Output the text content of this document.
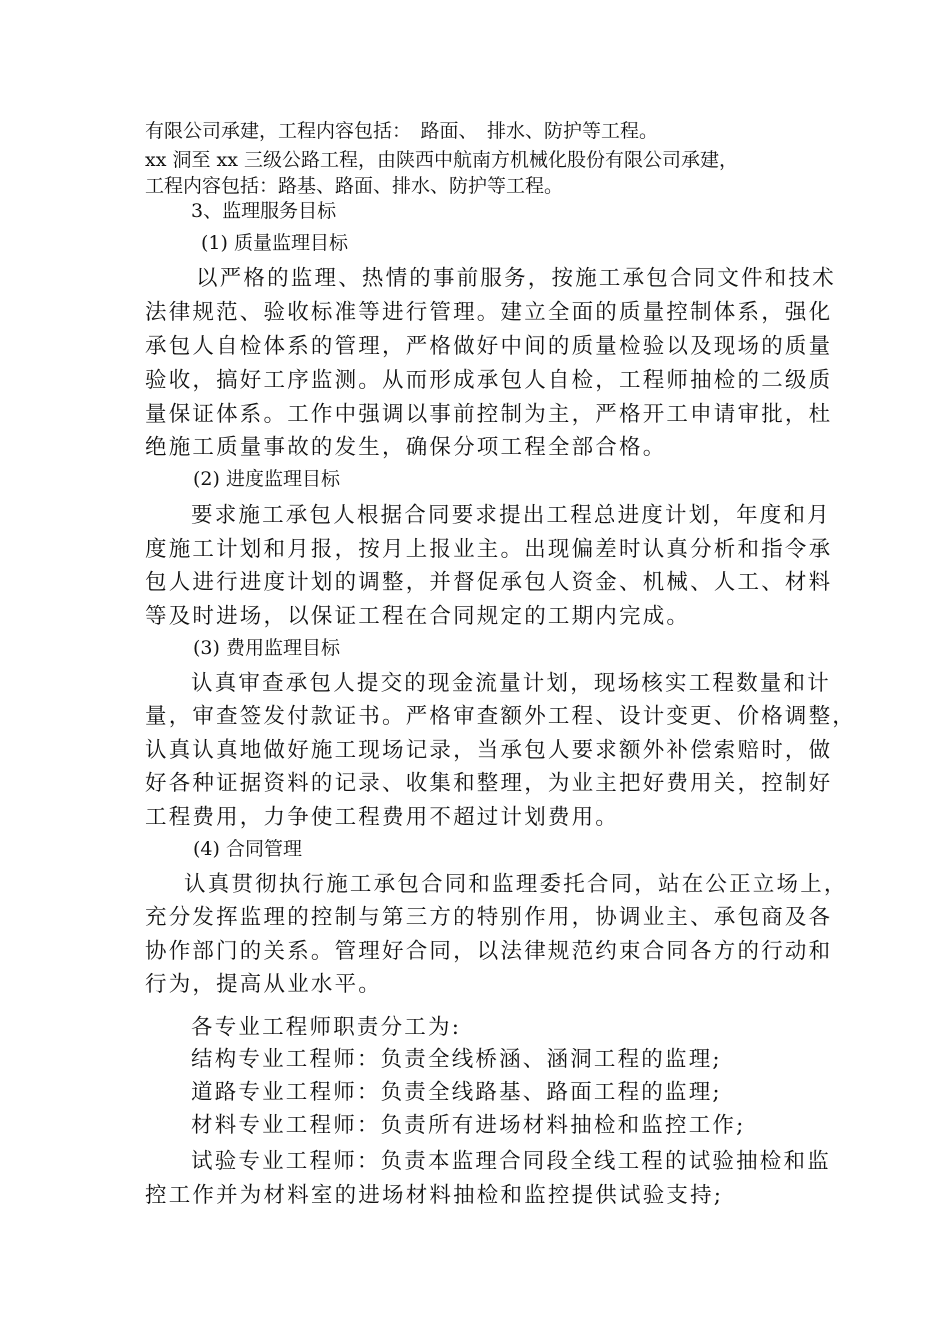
有限公司承建，工程内容包括：　路面、　排水、防护等工程。
xx 洞至 xx 三级公路工程，由陕西中航南方机械化股份有限公司承建，
工程内容包括：路基、路面、排水、防护等工程。
3、监理服务目标
(1) 质量监理目标
以严格的监理、热情的事前服务，按施工承包合同文件和技术
法律规范、验收标准等进行管理。建立全面的质量控制体系，强化
承包人自检体系的管理，严格做好中间的质量检验以及现场的质量
验收，搞好工序监测。从而形成承包人自检，工程师抽检的二级质
量保证体系。工作中强调以事前控制为主，严格开工申请审批，杜
绝施工质量事故的发生，确保分项工程全部合格。
(2) 进度监理目标
要求施工承包人根据合同要求提出工程总进度计划，年度和月
度施工计划和月报，按月上报业主。出现偏差时认真分析和指令承
包人进行进度计划的调整，并督促承包人资金、机械、人工、材料
等及时进场，以保证工程在合同规定的工期内完成。
(3) 费用监理目标
认真审查承包人提交的现金流量计划，现场核实工程数量和计
量，审查签发付款证书。严格审查额外工程、设计变更、价格调整，
认真认真地做好施工现场记录，当承包人要求额外补偿索赔时，做
好各种证据资料的记录、收集和整理，为业主把好费用关，控制好
工程费用，力争使工程费用不超过计划费用。
(4) 合同管理
认真贯彻执行施工承包合同和监理委托合同，站在公正立场上，
充分发挥监理的控制与第三方的特别作用，协调业主、承包商及各
协作部门的关系。管理好合同，以法律规范约束合同各方的行动和
行为，提高从业水平。
各专业工程师职责分工为:
结构专业工程师：负责全线桥涵、涵洞工程的监理;
道路专业工程师：负责全线路基、路面工程的监理;
材料专业工程师：负责所有进场材料抽检和监控工作;
试验专业工程师：负责本监理合同段全线工程的试验抽检和监
控工作并为材料室的进场材料抽检和监控提供试验支持;
